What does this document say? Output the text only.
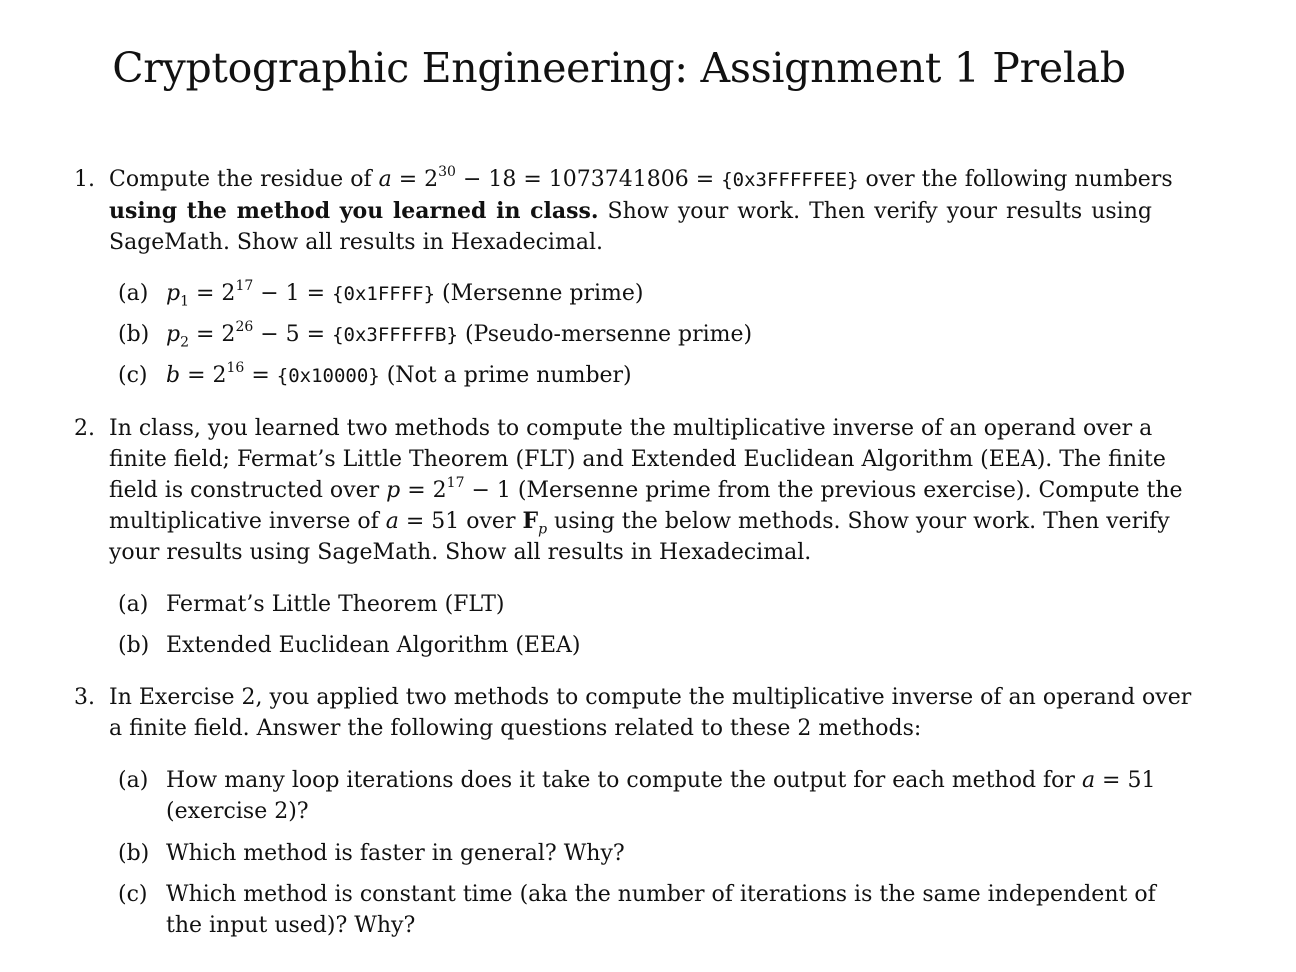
Cryptographic Engineering: Assignment 1 Prelab
1. Compute the residue of $a = 2^{30} - 18 = 1073741806$ = {0x3FFFFFEE} over the following numbers
using the method you learned in class. Show your work. Then verify your results using
SageMath. Show all results in Hexadecimal.
(a) $p_1 = 2^{17} - 1$ = {0x1FFFF} (Mersenne prime)
(b) $p_2 = 2^{26} - 5$ = {0x3FFFFFB} (Pseudo-mersenne prime)
(c) $b = 2^{16} = \{0x10000\}$ (Not a prime number)
2. In class, you learned two methods to compute the multiplicative inverse of an operand over a
finite field; Fermat’s Little Theorem (FLT) and Extended Euclidean Algorithm (EEA). The finite
field is constructed over $p = 2^{17} - 1$ (Mersenne prime from the previous exercise). Compute the
multiplicative inverse of a = 51 over $F_p$ using the below methods. Show your work. Then verify
your results using SageMath. Show all results in Hexadecimal.
(a) Fermat’s Little Theorem (FLT)
(b) Extended Euclidean Algorithm (EEA)
3. In Exercise 2, you applied two methods to compute the multiplicative inverse of an operand over
a finite field. Answer the following questions related to these 2 methods:
(a) How many loop iterations does it take to compute the output for each method for a = 51
(exercise 2)?
(b) Which method is faster in general? Why?
(c) Which method is constant time (aka the number of iterations is the same independent of
the input used)? Why?
